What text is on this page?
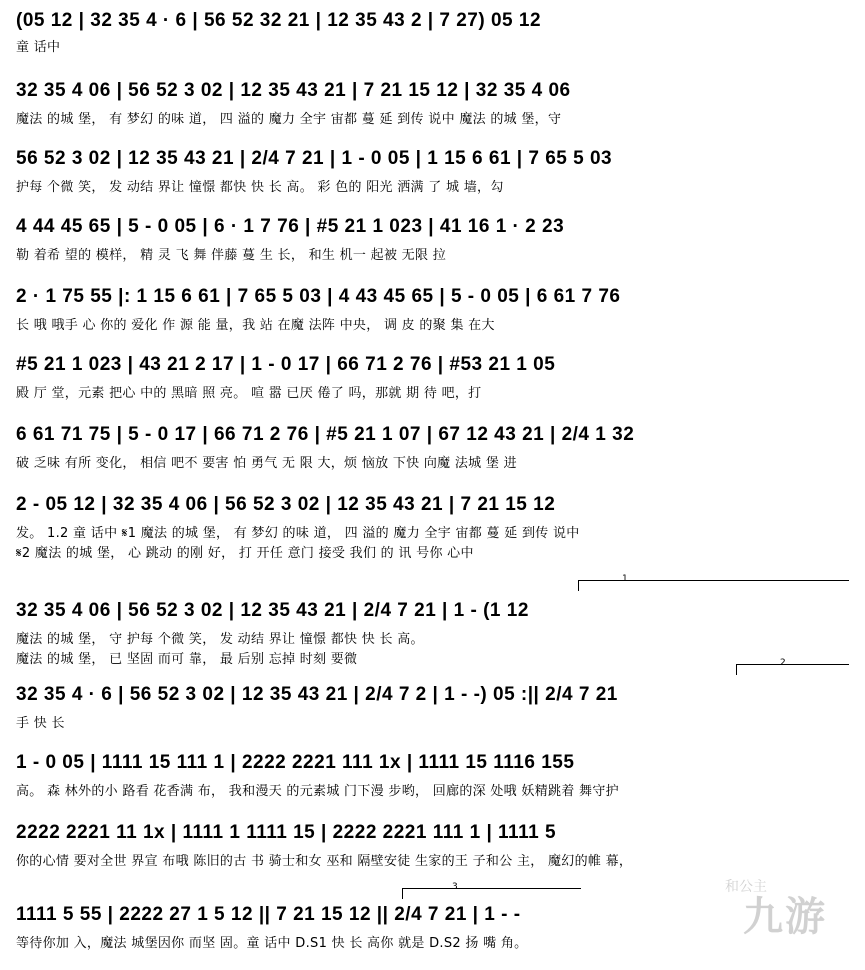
(05 12 | 32 35 4 · 6 | 56 52 32 21 | 12 35 43 2 | 7 27) 05 12
童 话中
32 35 4 06 | 56 52 3 02 | 12 35 43 21 | 7 21 15 12 | 32 35 4 06
魔法 的城 堡， 有 梦幻 的味 道， 四 溢的 魔力 全宇 宙都 蔓 延 到传 说中 魔法 的城 堡，守
56 52 3 02 | 12 35 43 21 | 2/4 7 21 | 1 - 0 05 | 1 15 6 61 | 7 65 5 03
护每 个微 笑， 发 动结 界让 憧憬 都快 快 长 高。 彩 色的 阳光 洒满 了 城 墙，勾
4 44 45 65 | 5 - 0 05 | 6 · 1 7 76 | #5 21 1 023 | 41 16 1 · 2 23
勒 着希 望的 模样， 精 灵 飞 舞 伴藤 蔓 生 长， 和生 机一 起被 无限 拉
2 · 1 75 55 |: 1 15 6 61 | 7 65 5 03 | 4 43 45 65 | 5 - 0 05 | 6 61 7 76
长 哦 哦手 心 你的 爱化 作 源 能 量，我 站 在魔 法阵 中央， 调 皮 的聚 集 在大
#5 21 1 023 | 43 21 2 17 | 1 - 0 17 | 66 71 2 76 | #53 21 1 05
殿 厅 堂，元素 把心 中的 黑暗 照 亮。 喧 嚣 已厌 倦了 吗，那就 期 待 吧，打
6 61 71 75 | 5 - 0 17 | 66 71 2 76 | #5 21 1 07 | 67 12 43 21 | 2/4 1 32
破 乏味 有所 变化， 相信 吧不 要害 怕 勇气 无 限 大，烦 恼放 下快 向魔 法城 堡 进
2 - 05 12 | 32 35 4 06 | 56 52 3 02 | 12 35 43 21 | 7 21 15 12
发。 1.2 童 话中 𝄋1 魔法 的城 堡， 有 梦幻 的味 道， 四 溢的 魔力 全宇 宙都 蔓 延 到传 说中
𝄋2 魔法 的城 堡， 心 跳动 的刚 好， 打 开任 意门 接受 我们 的 讯 号你 心中
1
32 35 4 06 | 56 52 3 02 | 12 35 43 21 | 2/4 7 21 | 1 - (1 12
魔法 的城 堡， 守 护每 个微 笑， 发 动结 界让 憧憬 都快 快 长 高。
魔法 的城 堡， 已 坚固 而可 靠， 最 后别 忘掉 时刻 要微	2
32 35 4 · 6 | 56 52 3 02 | 12 35 43 21 | 2/4 7 2 | 1 - -) 05 :|| 2/4 7 21
手 快 长
1 - 0 05 | 1111 15 111 1 | 2222 2221 111 1x | 1111 15 1116 155
高。 森 林外的小 路看 花香满 布， 我和漫天 的元素城 门下漫 步哟， 回廊的深 处哦 妖精跳着 舞守护
2222 2221 11 1x | 1111 1 1111 15 | 2222 2221 111 1 | 1111 5
你的心情 要对全世 界宣 布哦 陈旧的古 书 骑士和女 巫和 隔壁安徒 生家的王 子和公 主， 魔幻的帷 幕，
3
1111 5 55 | 2222 27 1 5 12 || 7 21 15 12 || 2/4 7 21 | 1 - -
等待你加 入，魔法 城堡因你 而坚 固。童 话中 D.S1 快 长 高你 就是 D.S2 扬 嘴 角。
和公主
九游
